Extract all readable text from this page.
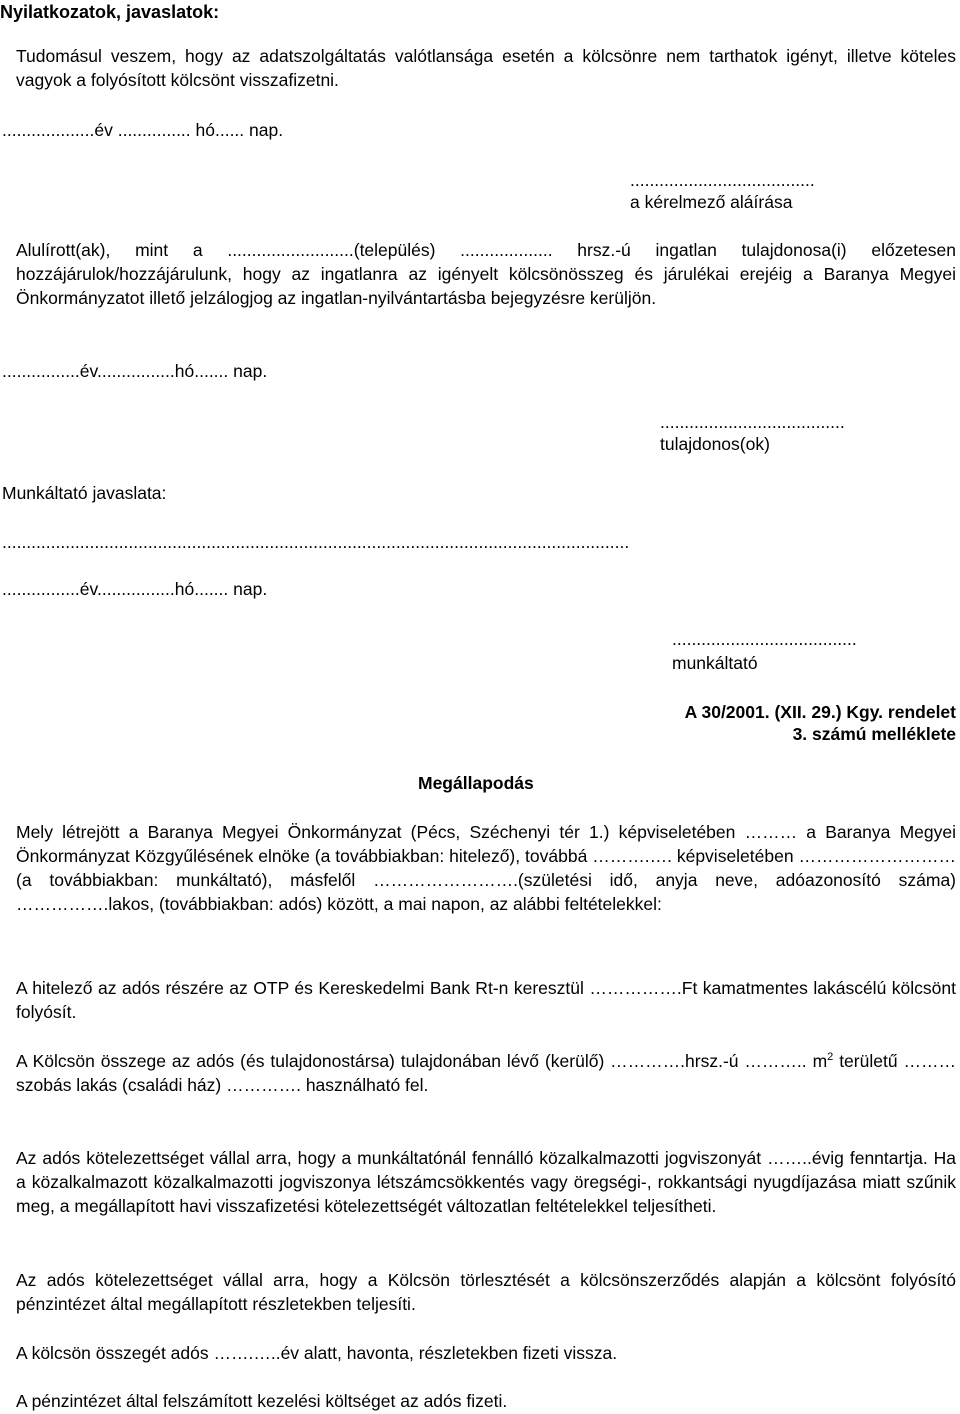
Nyilatkozatok, javaslatok:
Tudomásul veszem, hogy az adatszolgáltatás valótlansága esetén a kölcsönre nem tarthatok igényt, illetve köteles vagyok a folyósított kölcsönt visszafizetni.
...................év ............... hó...... nap.
......................................
a kérelmező aláírása
Alulírott(ak), mint a ..........................(település) ................... hrsz.-ú ingatlan tulajdonosa(i) előzetesen hozzájárulok/hozzájárulunk, hogy az ingatlanra az igényelt kölcsönösszeg és járulékai erejéig a Baranya Megyei Önkormányzatot illető jelzálogjog az ingatlan-nyilvántartásba bejegyzésre kerüljön.
................év................hó....... nap.
......................................
tulajdonos(ok)
Munkáltató javaslata:
.................................................................................................................................
................év................hó....... nap.
......................................
munkáltató
A 30/2001. (XII. 29.) Kgy. rendelet
3. számú melléklete
Megállapodás
Mely létrejött a Baranya Megyei Önkormányzat (Pécs, Széchenyi tér 1.) képviseletében ……… a Baranya Megyei Önkormányzat Közgyűlésének elnöke (a továbbiakban: hitelező), továbbá ……….…. képviseletében ……………………… (a továbbiakban: munkáltató), másfelől …………………….(születési idő, anyja neve, adóazonosító száma) …………….lakos, (továbbiakban: adós) között, a mai napon, az alábbi feltételekkel:
A hitelező az adós részére az OTP és Kereskedelmi Bank Rt-n keresztül …………….Ft kamatmentes lakáscélú kölcsönt folyósít.
A Kölcsön összege az adós (és tulajdonostársa) tulajdonában lévő (kerülő) ………….hrsz.-ú ……….. $m^2$ területű ……… szobás lakás (családi ház) …………. használható fel.
Az adós kötelezettséget vállal arra, hogy a munkáltatónál fennálló közalkalmazotti jogviszonyát ……..évig fenntartja. Ha a közalkalmazott közalkalmazotti jogviszonya létszámcsökkentés vagy öregségi-, rokkantsági nyugdíjazása miatt szűnik meg, a megállapított havi visszafizetési kötelezettségét változatlan feltételekkel teljesítheti.
Az adós kötelezettséget vállal arra, hogy a Kölcsön törlesztését a kölcsönszerződés alapján a kölcsönt folyósító pénzintézet által megállapított részletekben teljesíti.
A kölcsön összegét adós …….…..év alatt, havonta, részletekben fizeti vissza.
A pénzintézet által felszámított kezelési költséget az adós fizeti.
